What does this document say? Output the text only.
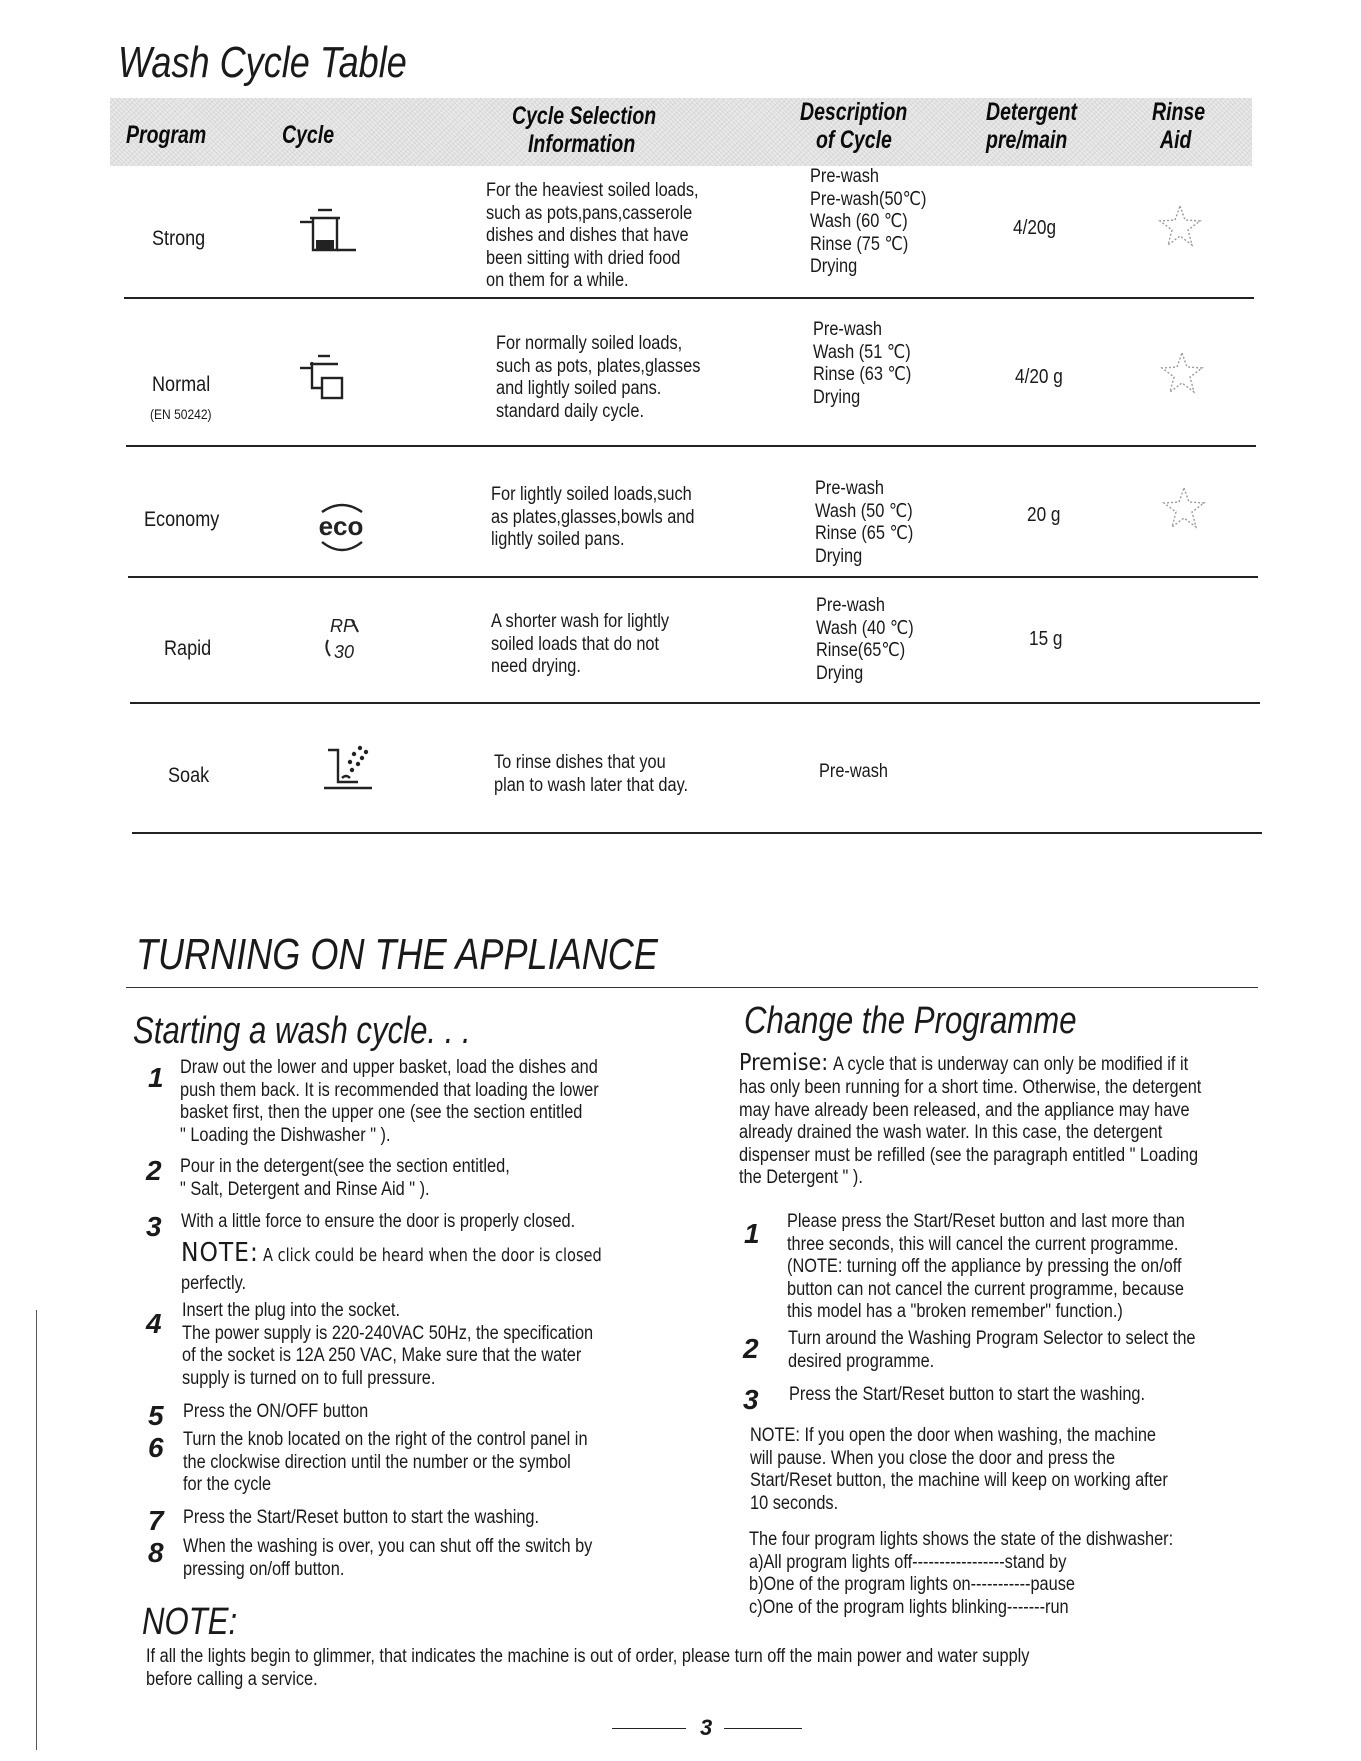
Wash Cycle Table
Program	Cycle
Cycle Selection
Information
Description
of Cycle
Detergent
pre/main
Rinse
Aid
Strong
For the heaviest soiled loads,
such as pots,pans,casserole
dishes and dishes that have
been sitting with dried food
on them for a while.
Pre-wash
Pre-wash(50℃)
Wash (60 ℃)
Rinse (75 ℃)
Drying
4/20g
Normal
(EN 50242)
For normally soiled loads,
such as pots, plates,glasses
and lightly soiled pans.
standard daily cycle.
Pre-wash
Wash (51 ℃)
Rinse (63 ℃)
Drying
4/20 g
Economy	eco
For lightly soiled loads,such
as plates,glasses,bowls and
lightly soiled pans.
Pre-wash
Wash (50 ℃)
Rinse (65 ℃)
Drying
20 g
Rapid
RP
30
A shorter wash for lightly
soiled loads that do not
need drying.
Pre-wash
Wash (40 ℃)
Rinse(65℃)
Drying
15 g
Soak
To rinse dishes that you
plan to wash later that day.
Pre-wash
TURNING ON THE APPLIANCE
Starting a wash cycle. . .
1 Draw out the lower and upper basket, load the dishes and
push them back. It is recommended that loading the lower
basket first, then the upper one (see the section entitled
" Loading the Dishwasher " ).
2 Pour in the detergent(see the section entitled,
" Salt, Detergent and Rinse Aid " ).
3 With a little force to ensure the door is properly closed.
NOTE: A click could be heard when the door is closed
perfectly.
4 Insert the plug into the socket.
The power supply is 220-240VAC 50Hz, the specification
of the socket is 12A 250 VAC, Make sure that the water
supply is turned on to full pressure.
5 Press the ON/OFF button
6 Turn the knob located on the right of the control panel in
the clockwise direction until the number or the symbol
for the cycle
7 Press the Start/Reset button to start the washing.
8 When the washing is over, you can shut off the switch by
pressing on/off button.
NOTE:
If all the lights begin to glimmer, that indicates the machine is out of order, please turn off the main power and water supply
before calling a service.
Change the Programme
Premise: A cycle that is underway can only be modified if it
has only been running for a short time. Otherwise, the detergent
may have already been released, and the appliance may have
already drained the wash water. In this case, the detergent
dispenser must be refilled (see the paragraph entitled " Loading
the Detergent " ).
1 Please press the Start/Reset button and last more than
three seconds, this will cancel the current programme.
(NOTE: turning off the appliance by pressing the on/off
button can not cancel the current programme, because
this model has a "broken remember" function.)
2 Turn around the Washing Program Selector to select the
desired programme.
3 Press the Start/Reset button to start the washing.
NOTE: If you open the door when washing, the machine
will pause. When you close the door and press the
Start/Reset button, the machine will keep on working after
10 seconds.
The four program lights shows the state of the dishwasher:
a)All program lights off-----------------stand by
b)One of the program lights on-----------pause
c)One of the program lights blinking-------run
3
